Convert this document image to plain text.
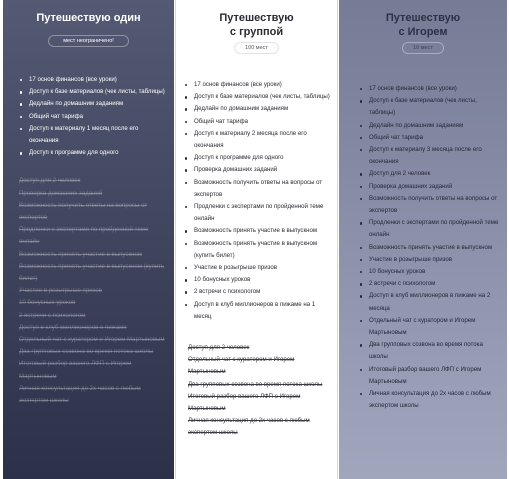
Путешествую один
мест неограничено!
17 основ финансов (все уроки)
Доступ к базе материалов (чек листы, таблицы)
Дедлайн по домашним заданиям
Общий чат тарифа
Доступ к материалу 1 месяц после его окончания
Доступ к программе для одного
Доступ для 2 человек
Проверка домашних заданий
Возможность получить ответы на вопросы от экспертов
Продленки с экспертами по пройденной теме онлайн
Возможность принять участие в выпускном
Возможность принять участие в выпускном (купить билет)
Участие в розыгрыше призов
10 бонусных уроков
2 встречи с психологом
Доступ в клуб миллионеров в пижаме
Отдельный чат с куратором и Игорем Мартыновым
Два групповых созвона во время потока школы
Итоговый разбор вашего ЛФП с Игорем Мартыновым
Личная консультация до 2х часов с любым экспертом школы
Путешествую
с группой
100 мест
17 основ финансов (все уроки)
Доступ к базе материалов (чек листы, таблицы)
Дедлайн по домашним заданиям
Общий чат тарифа
Доступ к материалу 2 месяца после его окончания
Доступ к программе для одного
Проверка домашних заданий
Возможность получить ответы на вопросы от экспертов
Продленки с экспертами по пройденной теме онлайн
Возможность принять участие в выпускном
Возможность принять участие в выпускном (купить билет)
Участие в розыгрыше призов
10 бонусных уроков
2 встречи с психологом
Доступ в клуб миллионеров в пижаме на 1 месяц
Доступ для 2 человек
Отдельный чат с куратором и Игорем Мартыновым
Два групповых созвона во время потока школы
Итоговый разбор вашего ЛФП с Игорем Мартыновым
Личная консультация до 2х часов с любым экспертом школы
Путешествую
с Игорем
10 мест
17 основ финансов (все уроки)
Доступ к базе материалов (чек листы, таблицы)
Дедлайн по домашним заданиям
Общий чат тарифа
Доступ к материалу 3 месяца после его окончания
Доступ для 2 человек
Проверка домашних заданий
Возможность получить ответы на вопросы от экспертов
Продленки с экспертами по пройденной теме онлайн
Возможность принять участие в выпускном
Участие в розыгрыше призов
10 бонусных уроков
2 встречи с психологом
Доступ в клуб миллионеров в пижаме на 2 месяца
Отдельный чат с куратором и Игорем Мартыновым
Два групповых созвона во время потока школы
Итоговый разбор вашего ЛФП с Игорем Мартыновым
Личная консультация до 2х часов с любым экспертом школы
